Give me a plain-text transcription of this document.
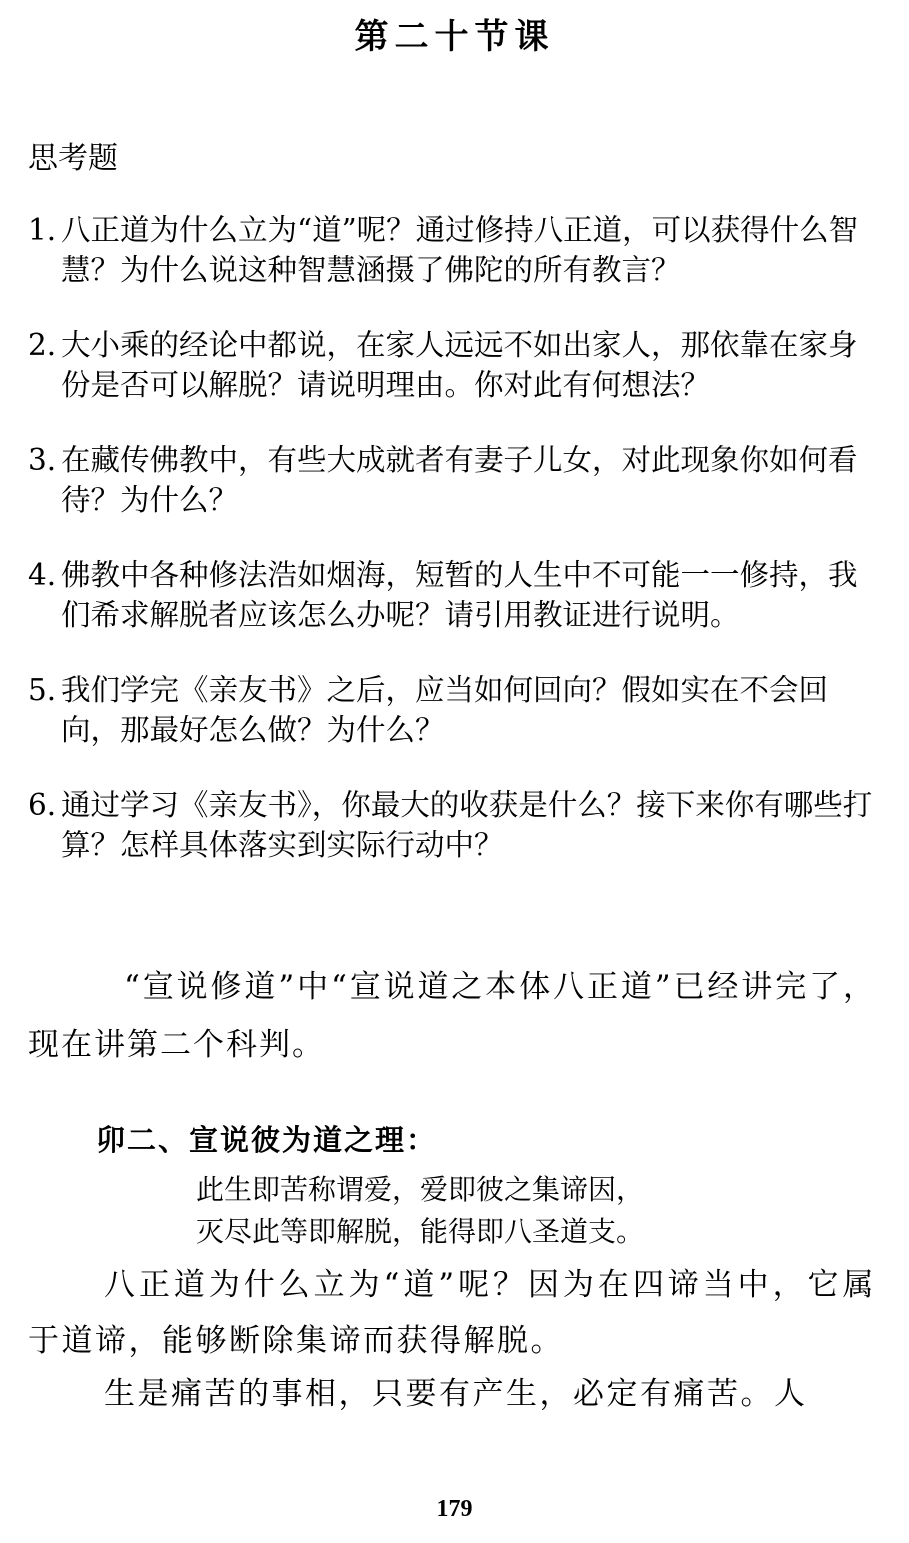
第二十节课

思考题

1. 八正道为什么立为“道”呢？通过修持八正道，可以获得什么智慧？为什么说这种智慧涵摄了佛陀的所有教言？
2. 大小乘的经论中都说，在家人远远不如出家人，那依靠在家身份是否可以解脱？请说明理由。你对此有何想法？
3. 在藏传佛教中，有些大成就者有妻子儿女，对此现象你如何看待？为什么？
4. 佛教中各种修法浩如烟海，短暂的人生中不可能一一修持，我们希求解脱者应该怎么办呢？请引用教证进行说明。
5. 我们学完《亲友书》之后，应当如何回向？假如实在不会回向，那最好怎么做？为什么？
6. 通过学习《亲友书》，你最大的收获是什么？接下来你有哪些打算？怎样具体落实到实际行动中？

“宣说修道”中“宣说道之本体八正道”已经讲完了，现在讲第二个科判。

卯二、宣说彼为道之理：

此生即苦称谓爱，爱即彼之集谛因，

灭尽此等即解脱，能得即八圣道支。

八正道为什么立为“道”呢？因为在四谛当中，它属于道谛，能够断除集谛而获得解脱。

生是痛苦的事相，只要有产生，必定有痛苦。人

179
